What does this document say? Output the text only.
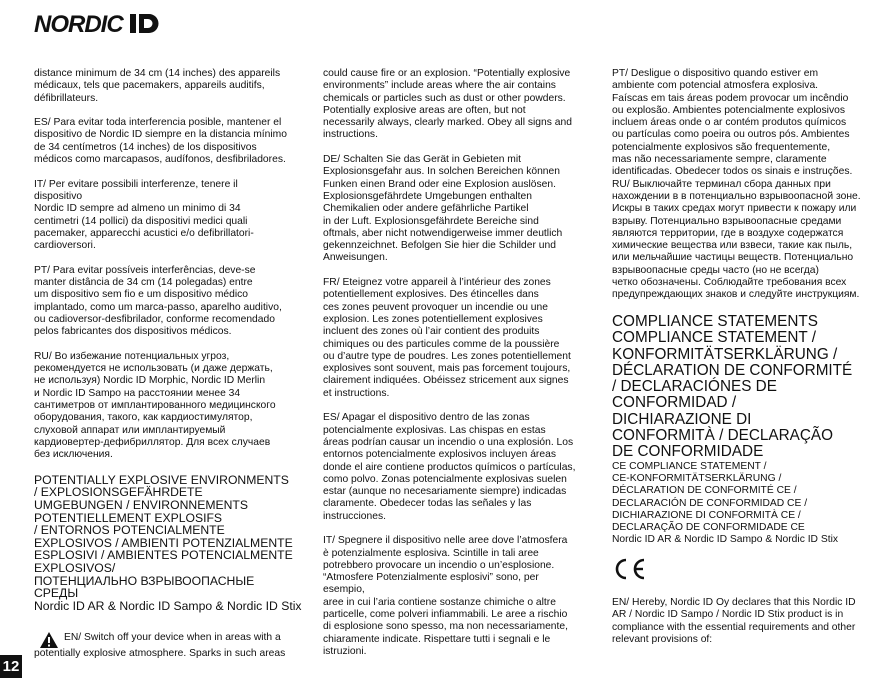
NORDIC

distance minimum de 34 cm (14 inches) des appareils
médicaux, tels que pacemakers, appareils auditifs,
défibrillateurs.

ES/ Para evitar toda interferencia posible, mantener el
dispositivo de Nordic ID siempre en la distancia mínimo
de 34 centímetros (14 inches) de los dispositivos
médicos como marcapasos, audífonos, desfibriladores.

IT/ Per evitare possibili interferenze, tenere il
dispositivo
Nordic ID sempre ad almeno un minimo di 34
centimetri (14 pollici) da dispositivi medici quali
pacemaker, apparecchi acustici e/o defibrillatori-
cardioversori.

PT/ Para evitar possíveis interferências, deve-se
manter distância de 34 cm (14 polegadas) entre
um dispositivo sem fio e um dispositivo médico
implantado, como um marca-passo, aparelho auditivo,
ou cadioversor-desfibrilador, conforme recomendado
pelos fabricantes dos dispositivos médicos.

RU/ Во избежание потенциальных угроз,
рекомендуется не использовать (и даже держать,
не используя) Nordic ID Morphic, Nordic ID Merlin
и Nordic ID Sampo на расстоянии менее 34
сантиметров от имплантированного медицинского
оборудования, такого, как кардиостимулятор,
слуховой аппарат или имплантируемый
кардиовертер-дефибриллятор. Для всех случаев
без исключения.

POTENTIALLY EXPLOSIVE ENVIRONMENTS
/ EXPLOSIONSGEFÄHRDETE
UMGEBUNGEN / ENVIRONNEMENTS
POTENTIELLEMENT EXPLOSIFS
/ ENTORNOS POTENCIALMENTE
EXPLOSIVOS / AMBIENTI POTENZIALMENTE
ESPLOSIVI / AMBIENTES POTENCIALMENTE
EXPLOSIVOS/
ПОТЕНЦИАЛЬНО ВЗРЫВООПАСНЫЕ
СРЕДЫ
Nordic ID AR & Nordic ID Sampo & Nordic ID Stix

EN/ Switch off your device when in areas with a
potentially explosive atmosphere. Sparks in such areas

could cause fire or an explosion. “Potentially explosive
environments” include areas where the air contains
chemicals or particles such as dust or other powders.
Potentially explosive areas are often, but not
necessarily always, clearly marked. Obey all signs and
instructions.

DE/ Schalten Sie das Gerät in Gebieten mit
Explosionsgefahr aus. In solchen Bereichen können
Funken einen Brand oder eine Explosion auslösen.
Explosionsgefährdete Umgebungen enthalten
Chemikalien oder andere gefährliche Partikel
in der Luft. Explosionsgefährdete Bereiche sind
oftmals, aber nicht notwendigerweise immer deutlich
gekennzeichnet. Befolgen Sie hier die Schilder und
Anweisungen.

FR/ Eteignez votre appareil à l’intérieur des zones
potentiellement explosives. Des étincelles dans
ces zones peuvent provoquer un incendie ou une
explosion. Les zones potentiellement explosives
incluent des zones où l’air contient des produits
chimiques ou des particules comme de la poussière
ou d’autre type de poudres. Les zones potentiellement
explosives sont souvent, mais pas forcement toujours,
clairement indiquées. Obéissez stricement aux signes
et instructions.

ES/ Apagar el dispositivo dentro de las zonas
potencialmente explosivas. Las chispas en estas
áreas podrían causar un incendio o una explosión. Los
entornos potencialmente explosivos incluyen áreas
donde el aire contiene productos químicos o partículas,
como polvo. Zonas potencialmente explosivas suelen
estar (aunque no necesariamente siempre) indicadas
claramente. Obedecer todas las señales y las
instrucciones.

IT/ Spegnere il dispositivo nelle aree dove l’atmosfera
è potenzialmente esplosiva. Scintille in tali aree
potrebbero provocare un incendio o un’esplosione.
“Atmosfere Potenzialmente esplosivi” sono, per
esempio,
aree in cui l’aria contiene sostanze chimiche o altre
particelle, come polveri infiammabili. Le aree a rischio
di esplosione sono spesso, ma non necessariamente,
chiaramente indicate. Rispettare tutti i segnali e le
istruzioni.

PT/ Desligue o dispositivo quando estiver em
ambiente com potencial atmosfera explosiva.
Faíscas em tais áreas podem provocar um incêndio
ou explosão. Ambientes potencialmente explosivos
incluem áreas onde o ar contém produtos químicos
ou partículas como poeira ou outros pós. Ambientes
potencialmente explosivos são frequentemente,
mas não necessariamente sempre, claramente
identificadas. Obedecer todos os sinais e instruções.
RU/ Выключайте терминал сбора данных при
нахождении в в потенциально взрывоопасной зоне.
Искры в таких средах могут привести к пожару или
взрыву. Потенциально взрывоопасные средами
являются территории, где в воздухе содержатся
химические вещества или взвеси, такие как пыль,
или мельчайшие частицы веществ. Потенциально
взрывоопасные среды часто (но не всегда)
четко обозначены. Соблюдайте требования всех
предупреждающих знаков и следуйте инструкциям.

COMPLIANCE STATEMENTS
COMPLIANCE STATEMENT /
KONFORMITÄTSERKLÄRUNG /
DÉCLARATION DE CONFORMITÉ
/ DECLARACIÓNES DE
CONFORMIDAD /
DICHIARAZIONE DI
CONFORMITÀ / DECLARAÇÃO
DE CONFORMIDADE

CE COMPLIANCE STATEMENT /
CE-KONFORMITÄTSERKLÄRUNG /
DÉCLARATION DE CONFORMITÉ CE /
DECLARACIÓN DE CONFORMIDAD CE /
DICHIARAZIONE DI CONFORMITÀ CE /
DECLARAÇÃO DE CONFORMIDADE CE
Nordic ID AR & Nordic ID Sampo & Nordic ID Stix

EN/ Hereby, Nordic ID Oy declares that this Nordic ID
AR / Nordic ID Sampo / Nordic ID Stix product is in
compliance with the essential requirements and other
relevant provisions of:

12
